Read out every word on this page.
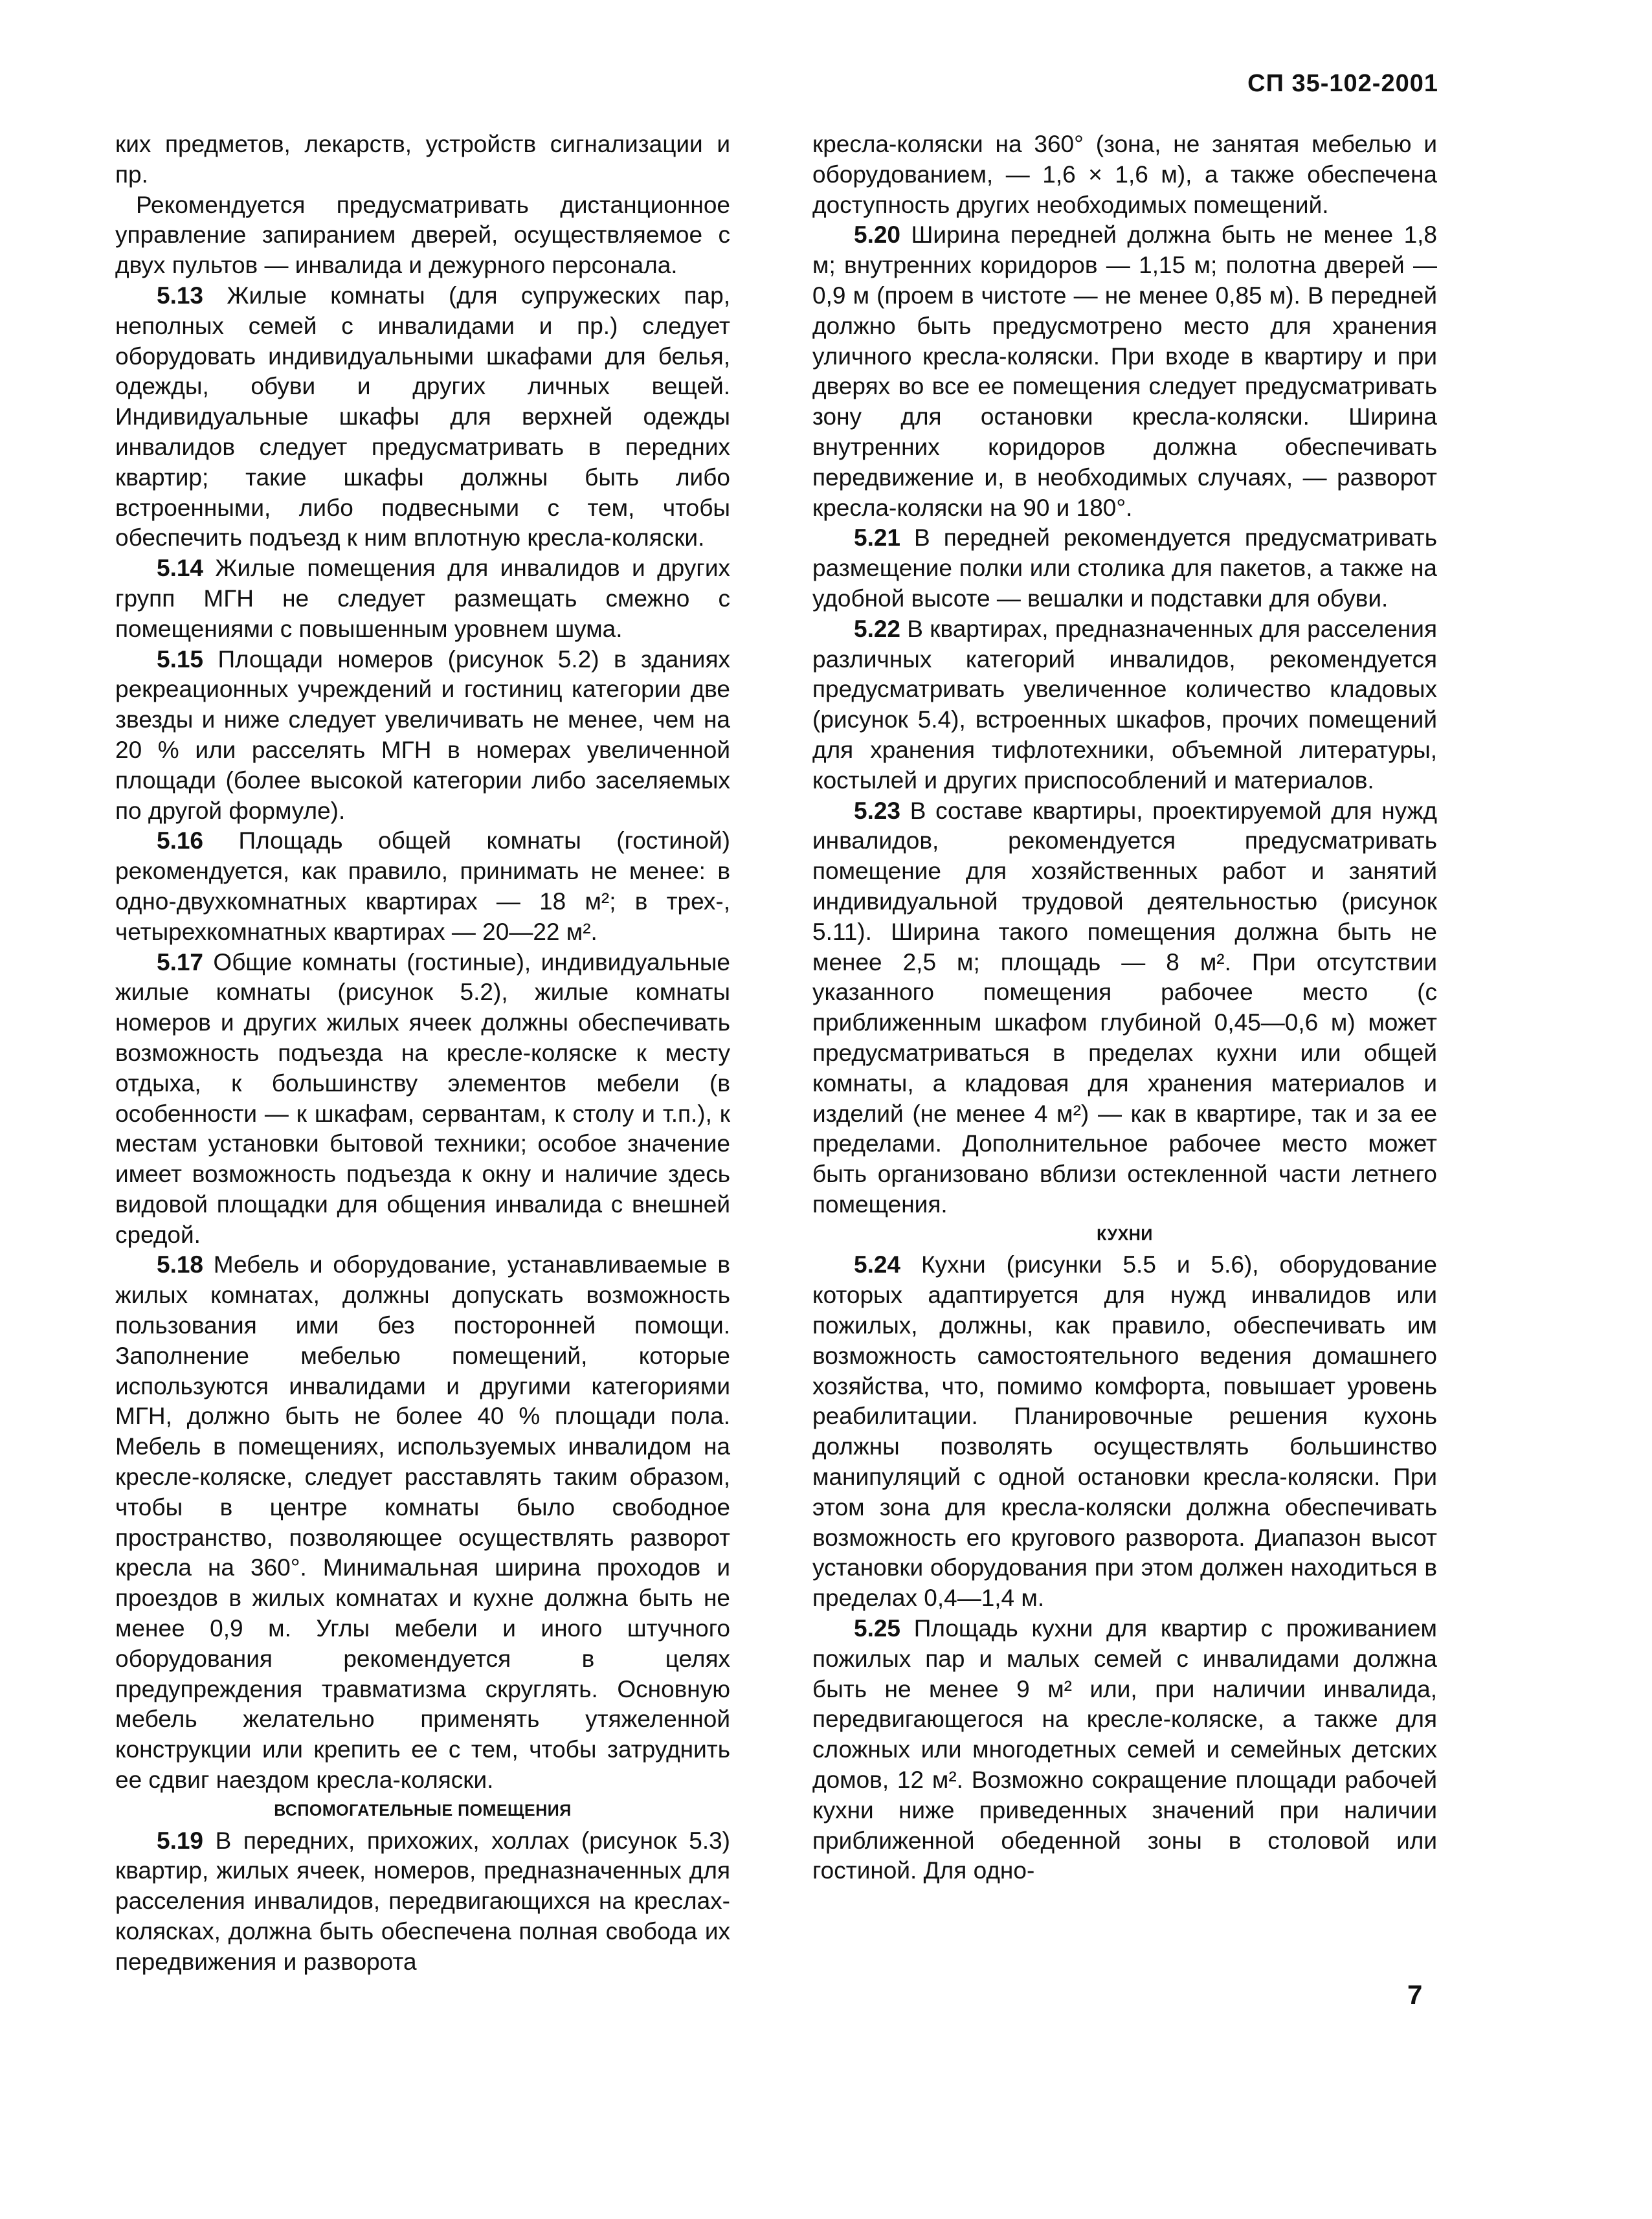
СП 35-102-2001

ких предметов, лекарств, устройств сигнализации и пр.

Рекомендуется предусматривать дистанционное управление запиранием дверей, осуществляемое с двух пультов — инвалида и дежурного персонала.

5.13 Жилые комнаты (для супружеских пар, неполных семей с инвалидами и пр.) следует оборудовать индивидуальными шкафами для белья, одежды, обуви и других личных вещей. Индивидуальные шкафы для верхней одежды инвалидов следует предусматривать в передних квартир; такие шкафы должны быть либо встроенными, либо подвесными с тем, чтобы обеспечить подъезд к ним вплотную кресла-коляски.

5.14 Жилые помещения для инвалидов и других групп МГН не следует размещать смежно с помещениями с повышенным уровнем шума.

5.15 Площади номеров (рисунок 5.2) в зданиях рекреационных учреждений и гостиниц категории две звезды и ниже следует увеличивать не менее, чем на 20 % или расселять МГН в номерах увеличенной площади (более высокой категории либо заселяемых по другой формуле).

5.16 Площадь общей комнаты (гостиной) рекомендуется, как правило, принимать не менее: в одно-двухкомнатных квартирах — 18 м²; в трех-, четырехкомнатных квартирах — 20—22 м².

5.17 Общие комнаты (гостиные), индивидуальные жилые комнаты (рисунок 5.2), жилые комнаты номеров и других жилых ячеек должны обеспечивать возможность подъезда на кресле-коляске к месту отдыха, к большинству элементов мебели (в особенности — к шкафам, сервантам, к столу и т.п.), к местам установки бытовой техники; особое значение имеет возможность подъезда к окну и наличие здесь видовой площадки для общения инвалида с внешней средой.

5.18 Мебель и оборудование, устанавливаемые в жилых комнатах, должны допускать возможность пользования ими без посторонней помощи. Заполнение мебелью помещений, которые используются инвалидами и другими категориями МГН, должно быть не более 40 % площади пола. Мебель в помещениях, используемых инвалидом на кресле-коляске, следует расставлять таким образом, чтобы в центре комнаты было свободное пространство, позволяющее осуществлять разворот кресла на 360°. Минимальная ширина проходов и проездов в жилых комнатах и кухне должна быть не менее 0,9 м. Углы мебели и иного штучного оборудования рекомендуется в целях предупреждения травматизма скруглять. Основную мебель желательно применять утяжеленной конструкции или крепить ее с тем, чтобы затруднить ее сдвиг наездом кресла-коляски.

ВСПОМОГАТЕЛЬНЫЕ ПОМЕЩЕНИЯ

5.19 В передних, прихожих, холлах (рисунок 5.3) квартир, жилых ячеек, номеров, предназначенных для расселения инвалидов, передвигающихся на креслах-колясках, должна быть обеспечена полная свобода их передвижения и разворота

кресла-коляски на 360° (зона, не занятая мебелью и оборудованием, — 1,6 × 1,6 м), а также обеспечена доступность других необходимых помещений.

5.20 Ширина передней должна быть не менее 1,8 м; внутренних коридоров — 1,15 м; полотна дверей — 0,9 м (проем в чистоте — не менее 0,85 м). В передней должно быть предусмотрено место для хранения уличного кресла-коляски. При входе в квартиру и при дверях во все ее помещения следует предусматривать зону для остановки кресла-коляски. Ширина внутренних коридоров должна обеспечивать передвижение и, в необходимых случаях, — разворот кресла-коляски на 90 и 180°.

5.21 В передней рекомендуется предусматривать размещение полки или столика для пакетов, а также на удобной высоте — вешалки и подставки для обуви.

5.22 В квартирах, предназначенных для расселения различных категорий инвалидов, рекомендуется предусматривать увеличенное количество кладовых (рисунок 5.4), встроенных шкафов, прочих помещений для хранения тифлотехники, объемной литературы, костылей и других приспособлений и материалов.

5.23 В составе квартиры, проектируемой для нужд инвалидов, рекомендуется предусматривать помещение для хозяйственных работ и занятий индивидуальной трудовой деятельностью (рисунок 5.11). Ширина такого помещения должна быть не менее 2,5 м; площадь — 8 м². При отсутствии указанного помещения рабочее место (с приближенным шкафом глубиной 0,45—0,6 м) может предусматриваться в пределах кухни или общей комнаты, а кладовая для хранения материалов и изделий (не менее 4 м²) — как в квартире, так и за ее пределами. Дополнительное рабочее место может быть организовано вблизи остекленной части летнего помещения.

КУХНИ

5.24 Кухни (рисунки 5.5 и 5.6), оборудование которых адаптируется для нужд инвалидов или пожилых, должны, как правило, обеспечивать им возможность самостоятельного ведения домашнего хозяйства, что, помимо комфорта, повышает уровень реабилитации. Планировочные решения кухонь должны позволять осуществлять большинство манипуляций с одной остановки кресла-коляски. При этом зона для кресла-коляски должна обеспечивать возможность его кругового разворота. Диапазон высот установки оборудования при этом должен находиться в пределах 0,4—1,4 м.

5.25 Площадь кухни для квартир с проживанием пожилых пар и малых семей с инвалидами должна быть не менее 9 м² или, при наличии инвалида, передвигающегося на кресле-коляске, а также для сложных или многодетных семей и семейных детских домов, 12 м². Возможно сокращение площади рабочей кухни ниже приведенных значений при наличии приближенной обеденной зоны в столовой или гостиной. Для одно-

7
